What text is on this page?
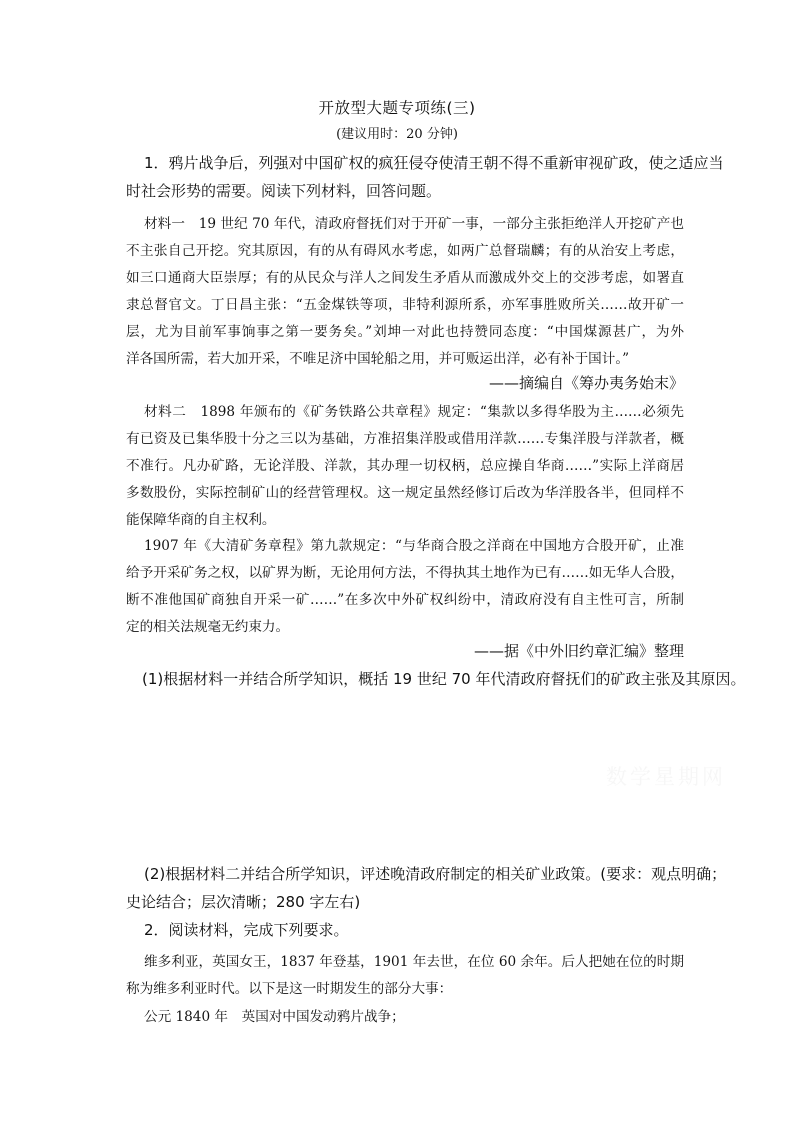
开放型大题专项练(三)
(建议用时：20 分钟)
1．鸦片战争后，列强对中国矿权的疯狂侵夺使清王朝不得不重新审视矿政，使之适应当
时社会形势的需要。阅读下列材料，回答问题。
材料一　19 世纪 70 年代，清政府督抚们对于开矿一事，一部分主张拒绝洋人开挖矿产也
不主张自己开挖。究其原因，有的从有碍风水考虑，如两广总督瑞麟；有的从治安上考虑，
如三口通商大臣崇厚；有的从民众与洋人之间发生矛盾从而激成外交上的交涉考虑，如署直
隶总督官文。丁日昌主张：“五金煤铁等项，非特利源所系，亦军事胜败所关……故开矿一
层，尤为目前军事饷事之第一要务矣。”刘坤一对此也持赞同态度：“中国煤源甚广，为外
洋各国所需，若大加开采，不唯足济中国轮船之用，并可贩运出洋，必有补于国计。”
——摘编自《筹办夷务始末》
材料二　1898 年颁布的《矿务铁路公共章程》规定：“集款以多得华股为主……必须先
有已资及已集华股十分之三以为基础，方准招集洋股或借用洋款……专集洋股与洋款者，概
不准行。凡办矿路，无论洋股、洋款，其办理一切权柄，总应操自华商……”实际上洋商居
多数股份，实际控制矿山的经营管理权。这一规定虽然经修订后改为华洋股各半，但同样不
能保障华商的自主权利。
1907 年《大清矿务章程》第九款规定：“与华商合股之洋商在中国地方合股开矿，止准
给予开采矿务之权，以矿界为断，无论用何方法，不得执其土地作为已有……如无华人合股，
断不准他国矿商独自开采一矿……”在多次中外矿权纠纷中，清政府没有自主性可言，所制
定的相关法规毫无约束力。
——据《中外旧约章汇编》整理
(1)根据材料一并结合所学知识，概括 19 世纪 70 年代清政府督抚们的矿政主张及其原因。
数学星期网
(2)根据材料二并结合所学知识，评述晚清政府制定的相关矿业政策。(要求：观点明确；
史论结合；层次清晰；280 字左右)
2．阅读材料，完成下列要求。
维多利亚，英国女王，1837 年登基，1901 年去世，在位 60 余年。后人把她在位的时期
称为维多利亚时代。以下是这一时期发生的部分大事：
公元 1840 年　英国对中国发动鸦片战争；
